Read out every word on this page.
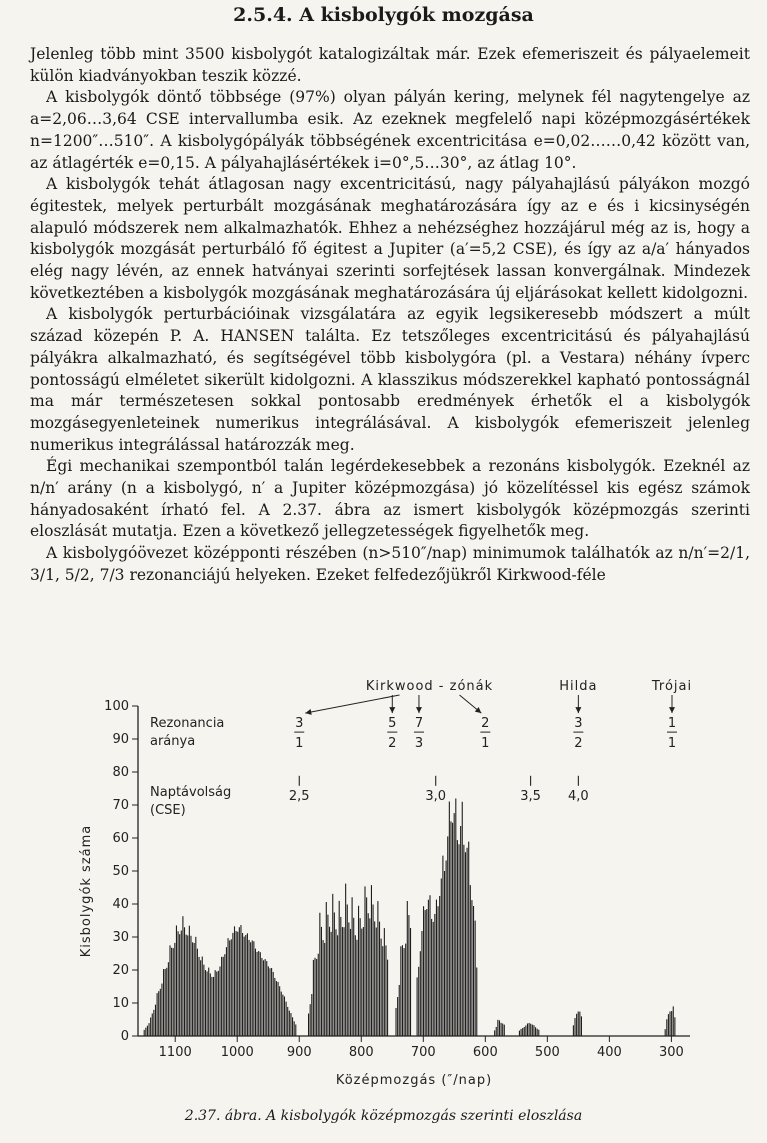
2.5.4. A kisbolygók mozgása

Jelenleg több mint 3500 kisbolygót katalogizáltak már. Ezek efemeriszeit és pályaelemeit külön kiadványokban teszik közzé.

A kisbolygók döntő többsége (97%) olyan pályán kering, melynek fél nagytengelye az a=2,06…3,64 CSE intervallumba esik. Az ezeknek megfelelő napi középmozgásértékek n=1200″…510″. A kisbolygópályák többségének excentricitása e=0,02……0,42 között van, az átlagérték e=0,15. A pályahajlásértékek i=0°,5…30°, az átlag 10°.

A kisbolygók tehát átlagosan nagy excentricitású, nagy pályahajlású pályákon mozgó égitestek, melyek perturbált mozgásának meghatározására így az e és i kicsinységén alapuló módszerek nem alkalmazhatók. Ehhez a nehézséghez hozzájárul még az is, hogy a kisbolygók mozgását perturbáló fő égitest a Jupiter (a′=5,2 CSE), és így az a/a′ hányados elég nagy lévén, az ennek hatványai szerinti sorfejtések lassan konvergálnak. Mindezek következtében a kisbolygók mozgásának meghatározására új eljárásokat kellett kidolgozni.

A kisbolygók perturbációinak vizsgálatára az egyik legsikeresebb módszert a múlt század közepén P. A. HANSEN találta. Ez tetszőleges excentricitású és pályahajlású pályákra alkalmazható, és segítségével több kisbolygóra (pl. a Vestara) néhány ívperc pontosságú elméletet sikerült kidolgozni. A klasszikus módszerekkel kapható pontosságnál ma már természetesen sokkal pontosabb eredmények érhetők el a kisbolygók mozgásegyenleteinek numerikus integrálásával. A kisbolygók efemeriszeit jelenleg numerikus integrálással határozzák meg.

Égi mechanikai szempontból talán legérdekesebbek a rezonáns kisbolygók. Ezeknél az n/n′ arány (n a kisbolygó, n′ a Jupiter középmozgása) jó közelítéssel kis egész számok hányadosaként írható fel. A 2.37. ábra az ismert kisbolygók középmozgás szerinti eloszlását mutatja. Ezen a következő jellegzetességek figyelhetők meg.

A kisbolygóövezet középponti részében (n>510″/nap) minimumok találhatók az n/n′=2/1, 3/1, 5/2, 7/3 rezonanciájú helyeken. Ezeket felfedezőjükről Kirkwood-féle

0
10
20
30
40
50
60
70
80
90
100
1100 1000	900	800	700	600	500	400	300
Középmozgás (″/nap)
Kisbolygók száma
Rezonancia
aránya
Naptávolság
(CSE)
3
1
5
2
7
3
2
1
3
2
1
1
2,5	3,0	3,5 4,0
Kirkwood - zónák	Hilda	Trójai
2.37. ábra. A kisbolygók középmozgás szerinti eloszlása
